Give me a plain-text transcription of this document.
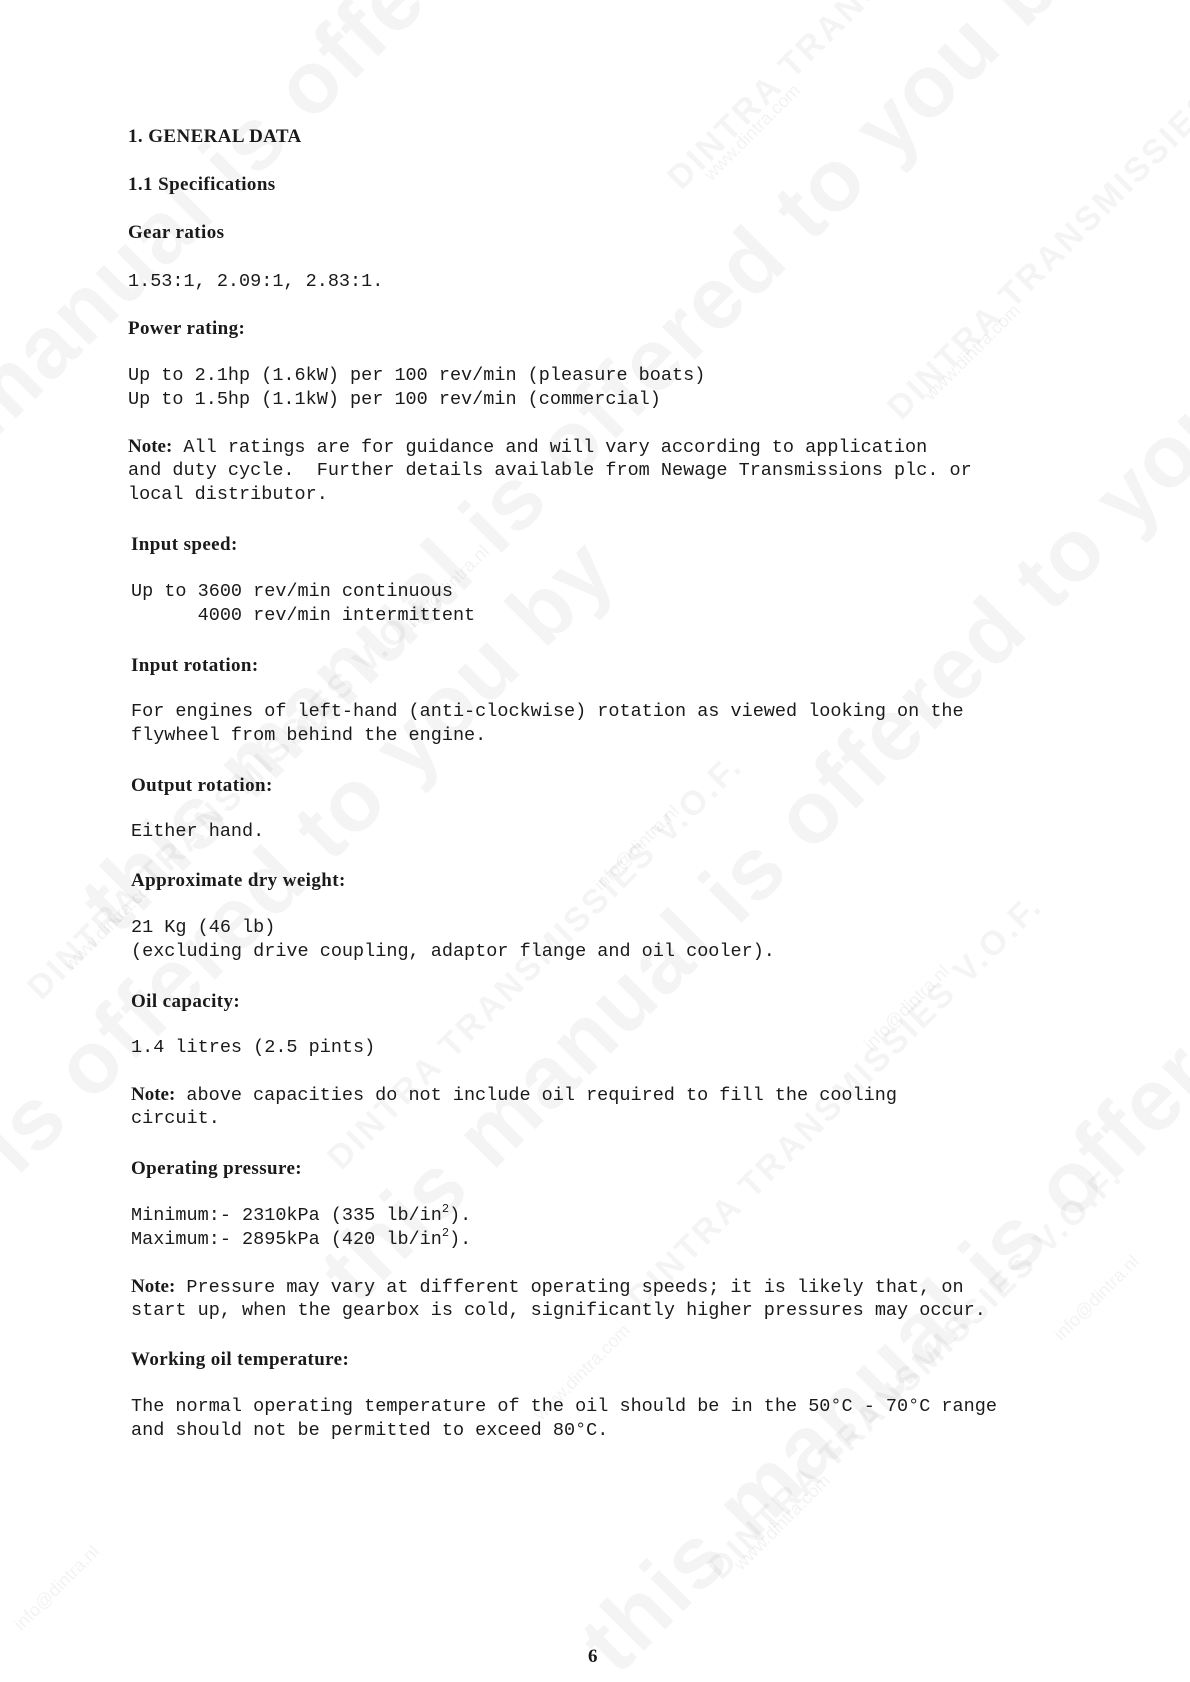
www.dintra.com
www.dintra.com
www.dintra.com
www.dintra.com
www.dintra.com
info@dintra.nl
info@dintra.nl
info@dintra.nl
info@dintra.nl
info@dintra.nl

1. GENERAL DATA

1.1 Specifications

Gear ratios

1.53:1, 2.09:1, 2.83:1.

Power rating:

Up to 2.1hp (1.6kW) per 100 rev/min (pleasure boats)

Up to 1.5hp (1.1kW) per 100 rev/min (commercial)

Note: All ratings are for guidance and will vary according to application

and duty cycle.  Further details available from Newage Transmissions plc. or

local distributor.

Input speed:

Up to 3600 rev/min continuous

4000 rev/min intermittent

Input rotation:

For engines of left-hand (anti-clockwise) rotation as viewed looking on the

flywheel from behind the engine.

Output rotation:

Either hand.

Approximate dry weight:

21 Kg (46 lb)

(excluding drive coupling, adaptor flange and oil cooler).

Oil capacity:

1.4 litres (2.5 pints)

Note: above capacities do not include oil required to fill the cooling

circuit.

Operating pressure:

Minimum:- 2310kPa (335 $lb/in^2$).

Maximum:- 2895kPa (420 $lb/in^2$).

Note: Pressure may vary at different operating speeds; it is likely that, on

start up, when the gearbox is cold, significantly higher pressures may occur.

Working oil temperature:

The normal operating temperature of the oil should be in the 50°C - 70°C range

and should not be permitted to exceed 80°C.

6
